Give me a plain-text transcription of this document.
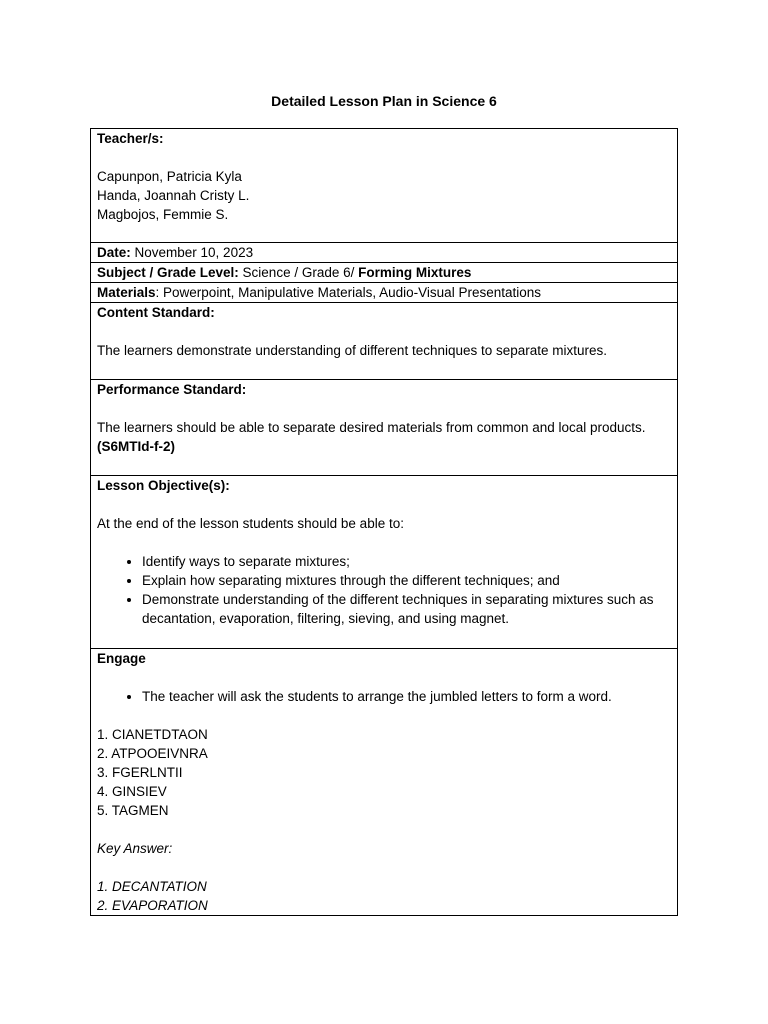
Detailed Lesson Plan in Science 6
Teacher/s:
Capunpon, Patricia Kyla
Handa, Joannah Cristy L.
Magbojos, Femmie S.

Date: November 10, 2023
Subject / Grade Level: Science / Grade 6/ Forming Mixtures
Materials: Powerpoint, Manipulative Materials, Audio-Visual Presentations

Content Standard:
The learners demonstrate understanding of different techniques to separate mixtures.

Performance Standard:
The learners should be able to separate desired materials from common and local products.
(S6MTId-f-2)

Lesson Objective(s):
At the end of the lesson students should be able to:
• Identify ways to separate mixtures;
• Explain how separating mixtures through the different techniques; and
• Demonstrate understanding of the different techniques in separating mixtures such as decantation, evaporation, filtering, sieving, and using magnet.

Engage
• The teacher will ask the students to arrange the jumbled letters to form a word.
1. CIANETDTAON
2. ATPOOEIVNRA
3. FGERLNTII
4. GINSIEV
5. TAGMEN
Key Answer:
1. DECANTATION
2. EVAPORATION
